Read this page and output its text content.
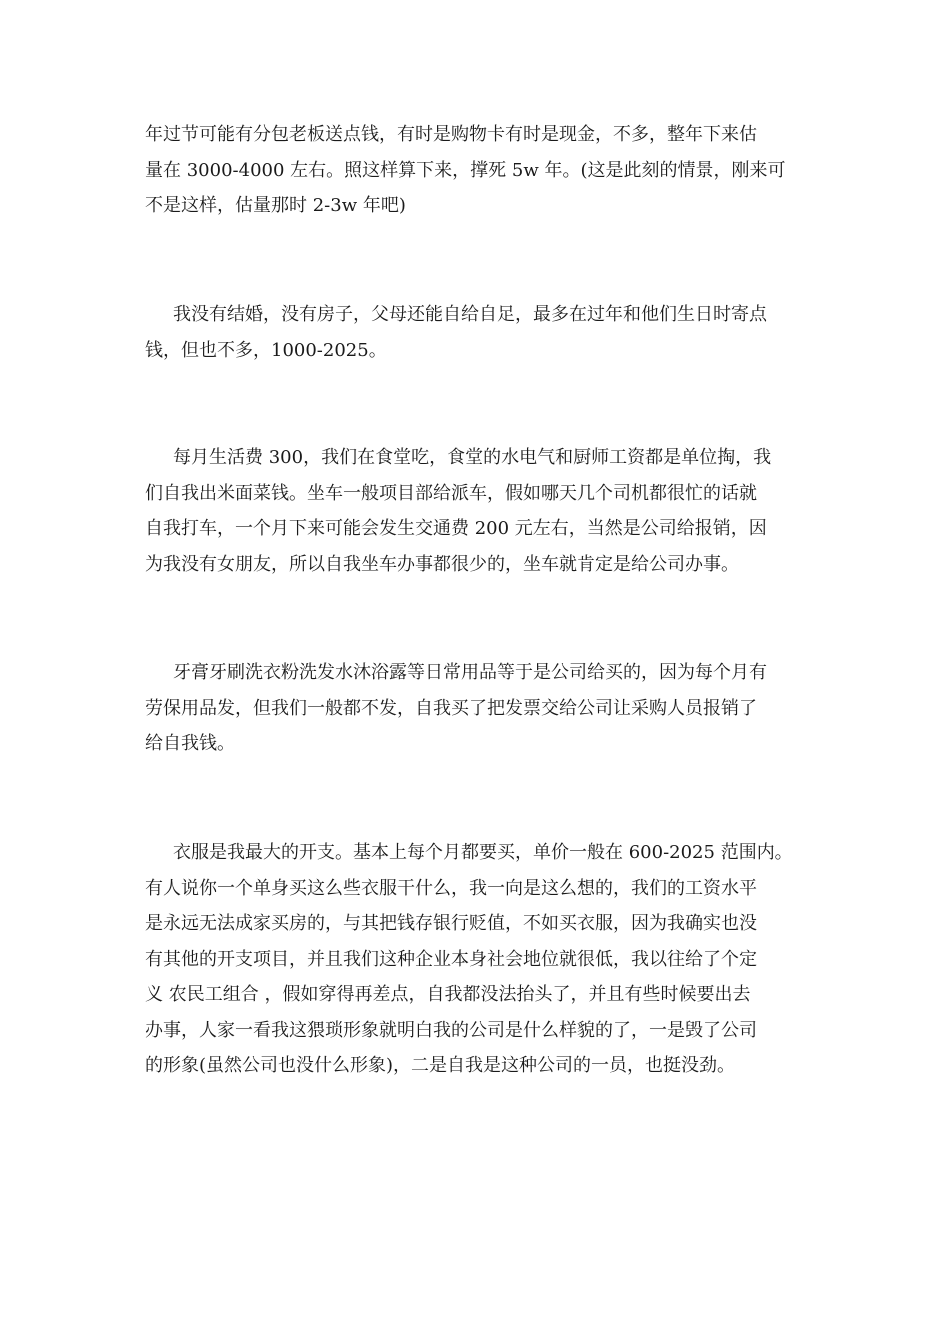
年过节可能有分包老板送点钱，有时是购物卡有时是现金，不多，整年下来估
量在 3000-4000 左右。照这样算下来，撑死 5w 年。(这是此刻的情景，刚来可
不是这样，估量那时 2-3w 年吧)
我没有结婚，没有房子，父母还能自给自足，最多在过年和他们生日时寄点
钱，但也不多，1000-2025。
每月生活费 300，我们在食堂吃，食堂的水电气和厨师工资都是单位掏，我
们自我出米面菜钱。坐车一般项目部给派车，假如哪天几个司机都很忙的话就
自我打车，一个月下来可能会发生交通费 200 元左右，当然是公司给报销，因
为我没有女朋友，所以自我坐车办事都很少的，坐车就肯定是给公司办事。
牙膏牙刷洗衣粉洗发水沐浴露等日常用品等于是公司给买的，因为每个月有
劳保用品发，但我们一般都不发，自我买了把发票交给公司让采购人员报销了
给自我钱。
衣服是我最大的开支。基本上每个月都要买，单价一般在 600-2025 范围内。
有人说你一个单身买这么些衣服干什么，我一向是这么想的，我们的工资水平
是永远无法成家买房的，与其把钱存银行贬值，不如买衣服，因为我确实也没
有其他的开支项目，并且我们这种企业本身社会地位就很低，我以往给了个定
义 农民工组合 ，假如穿得再差点，自我都没法抬头了，并且有些时候要出去
办事，人家一看我这猥琐形象就明白我的公司是什么样貌的了，一是毁了公司
的形象(虽然公司也没什么形象)，二是自我是这种公司的一员，也挺没劲。
